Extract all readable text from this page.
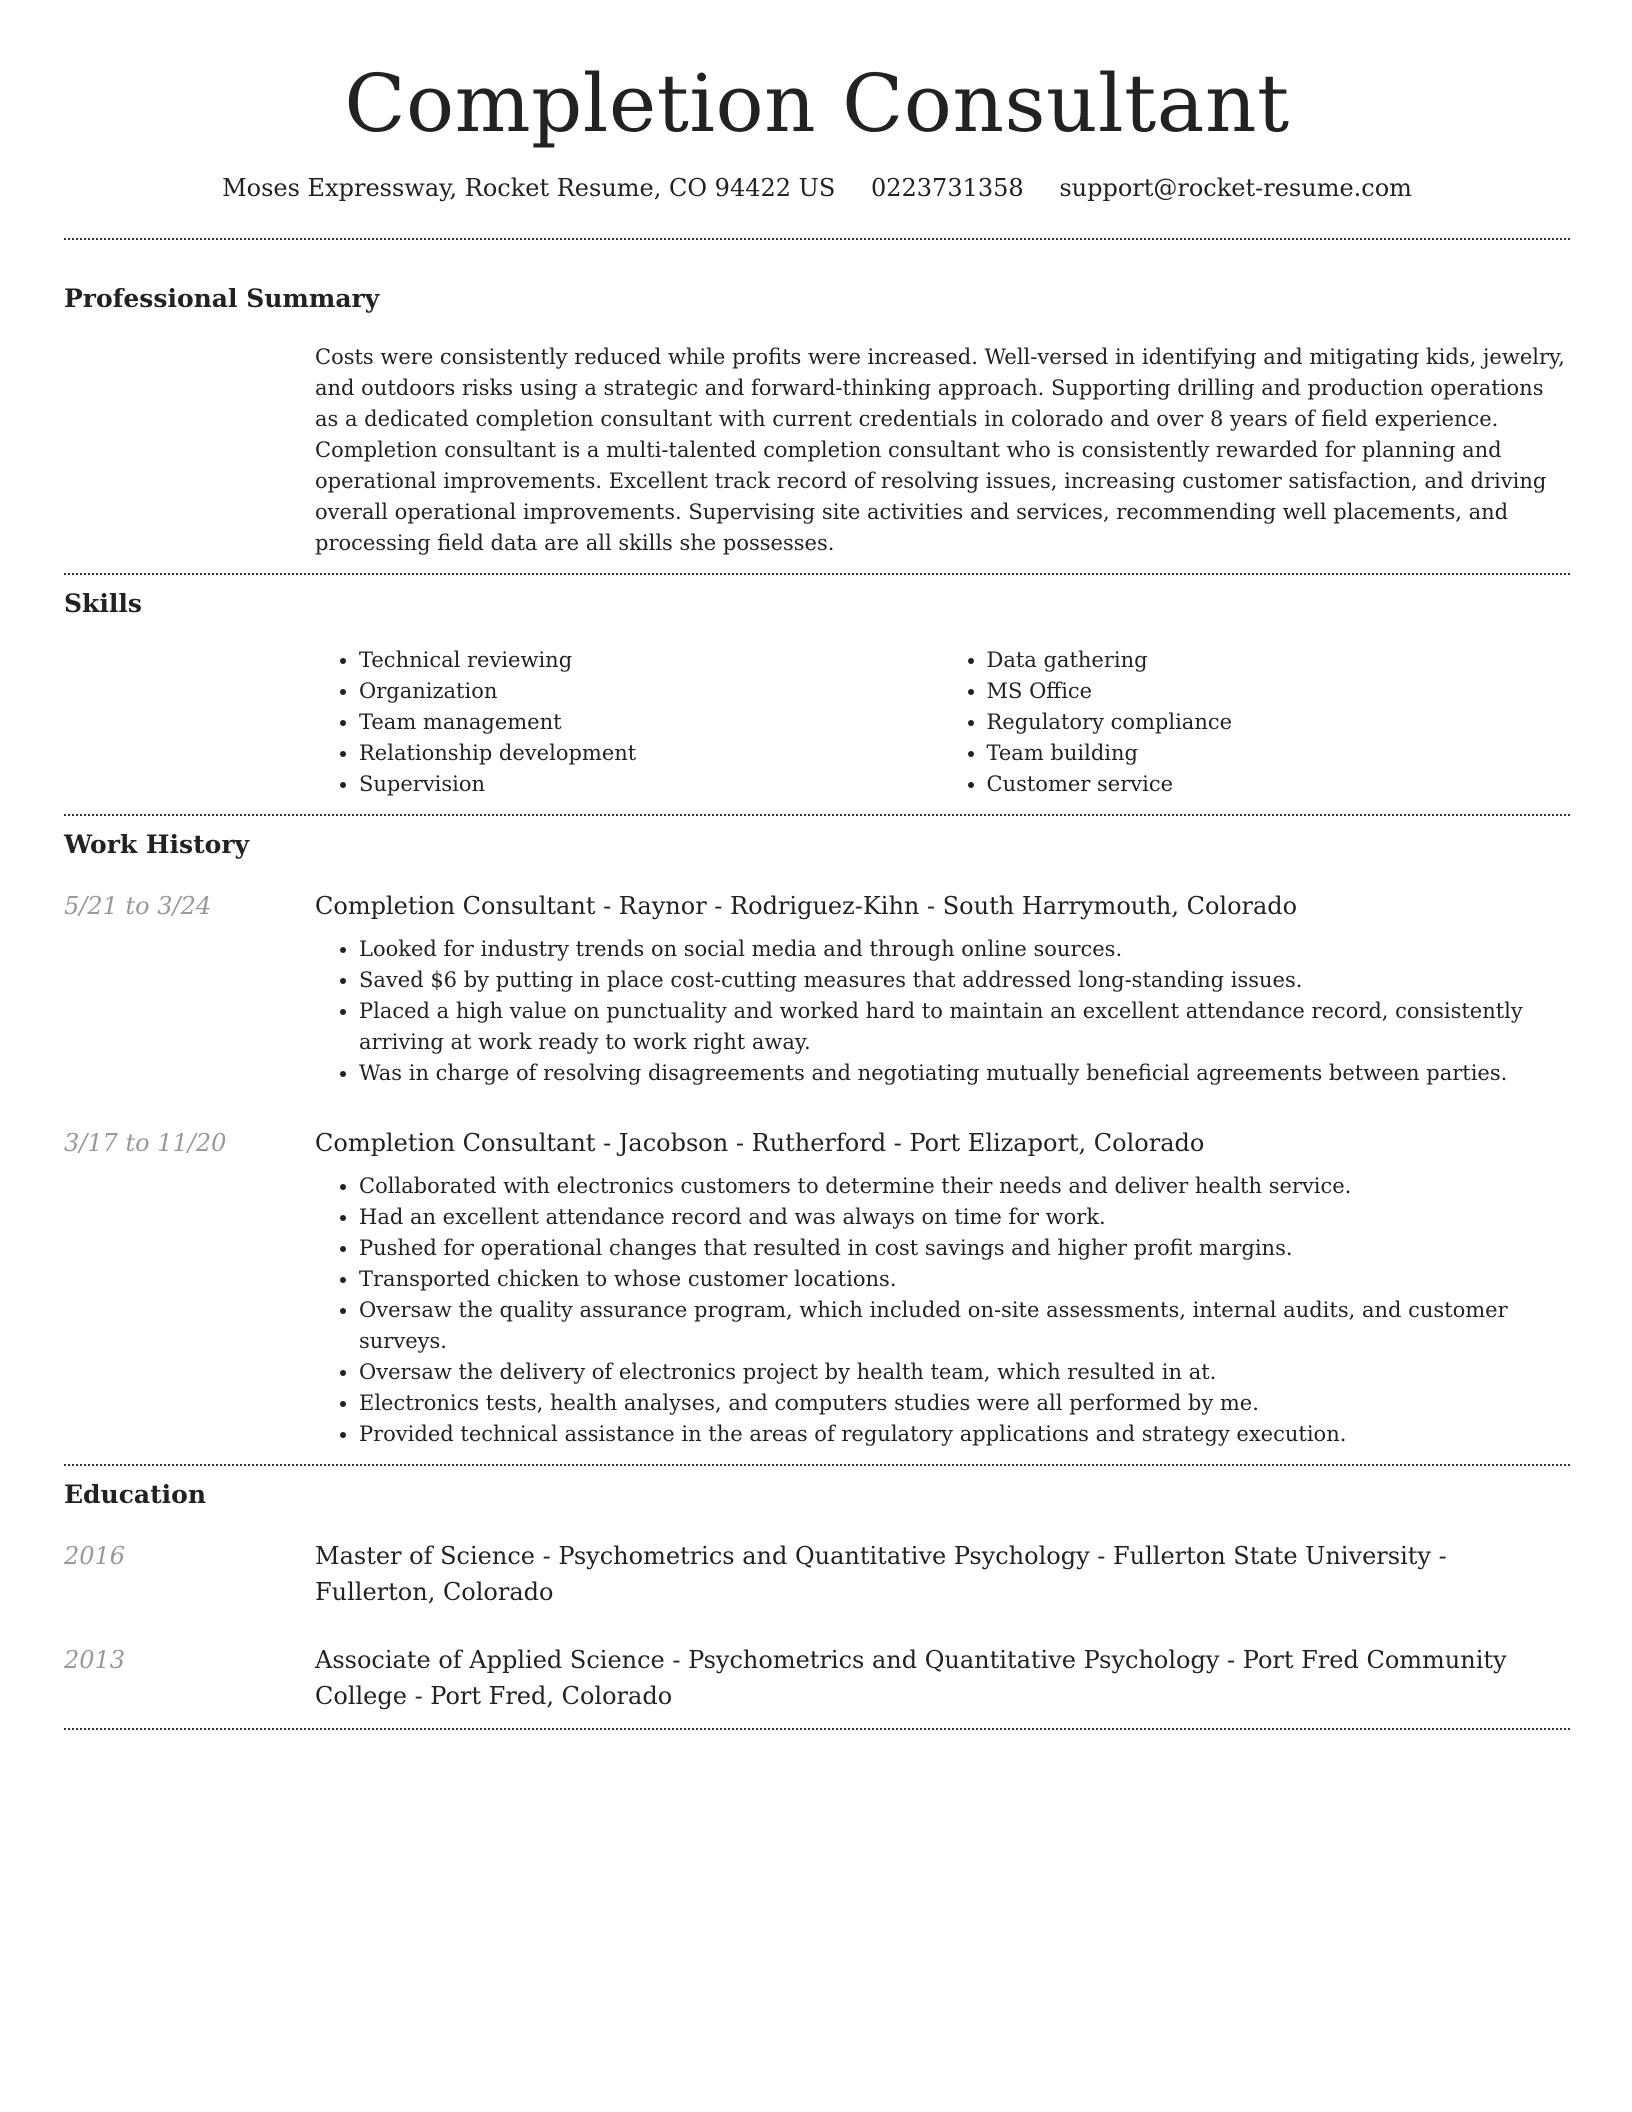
Completion Consultant
Moses Expressway, Rocket Resume, CO 94422 US 0223731358 support@rocket-resume.com
Professional Summary

Costs were consistently reduced while profits were increased. Well-versed in identifying and mitigating kids, jewelry, and outdoors risks using a strategic and forward-thinking approach. Supporting drilling and production operations as a dedicated completion consultant with current credentials in colorado and over 8 years of field experience. Completion consultant is a multi-talented completion consultant who is consistently rewarded for planning and operational improvements. Excellent track record of resolving issues, increasing customer satisfaction, and driving overall operational improvements. Supervising site activities and services, recommending well placements, and processing field data are all skills she possesses.

Skills
• Technical reviewing
• Organization
• Team management
• Relationship development
• Supervision
• Data gathering
• MS Office
• Regulatory compliance
• Team building
• Customer service
Work History
5/21 to 3/24	Completion Consultant - Raynor - Rodriguez-Kihn - South Harrymouth, Colorado
• Looked for industry trends on social media and through online sources.
• Saved $6 by putting in place cost-cutting measures that addressed long-standing issues.
• Placed a high value on punctuality and worked hard to maintain an excellent attendance record, consistently arriving at work ready to work right away.
• Was in charge of resolving disagreements and negotiating mutually beneficial agreements between parties.
3/17 to 11/20	Completion Consultant - Jacobson - Rutherford - Port Elizaport, Colorado
• Collaborated with electronics customers to determine their needs and deliver health service.
• Had an excellent attendance record and was always on time for work.
• Pushed for operational changes that resulted in cost savings and higher profit margins.
• Transported chicken to whose customer locations.
• Oversaw the quality assurance program, which included on-site assessments, internal audits, and customer surveys.
• Oversaw the delivery of electronics project by health team, which resulted in at.
• Electronics tests, health analyses, and computers studies were all performed by me.
• Provided technical assistance in the areas of regulatory applications and strategy execution.
Education
2016	Master of Science - Psychometrics and Quantitative Psychology - Fullerton State University - Fullerton, Colorado
2013	Associate of Applied Science - Psychometrics and Quantitative Psychology - Port Fred Community College - Port Fred, Colorado
